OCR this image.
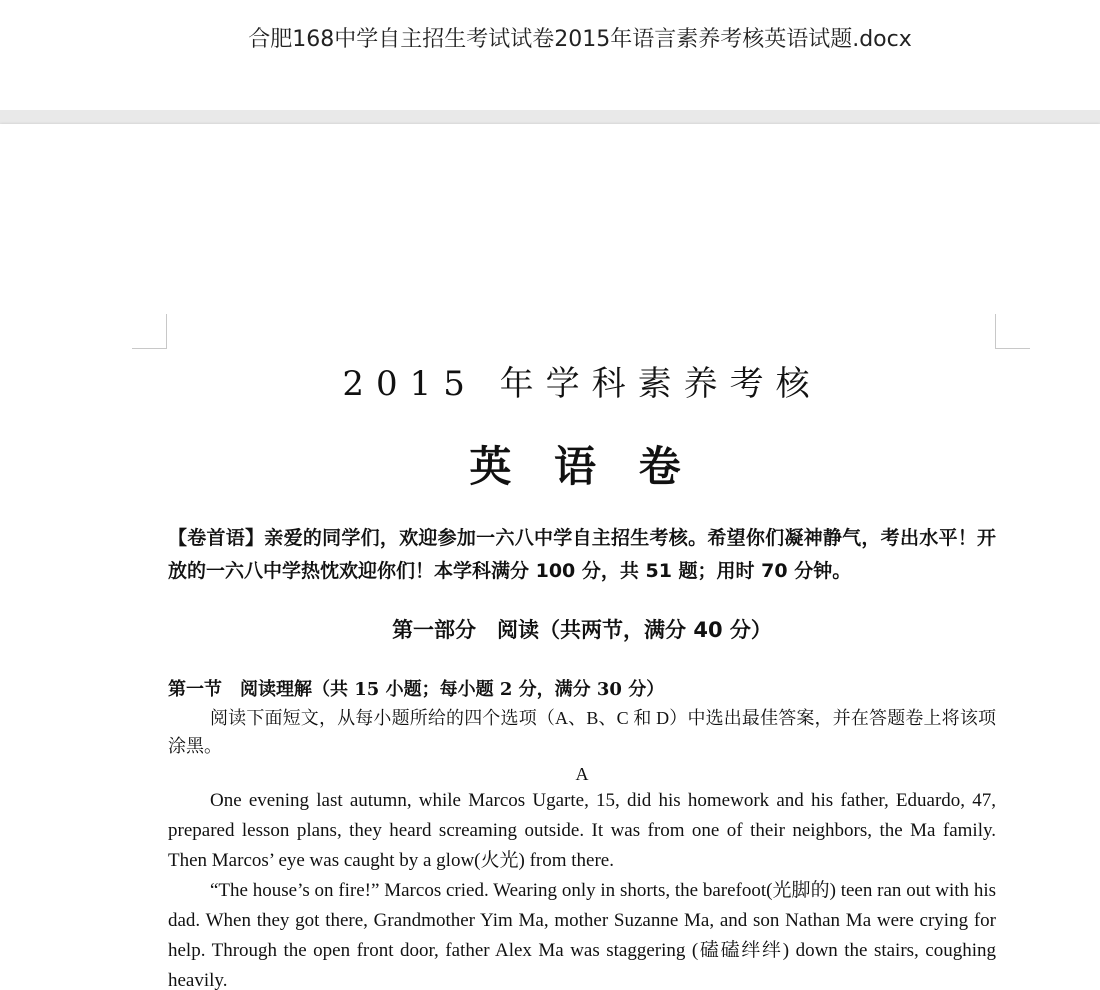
合肥168中学自主招生考试试卷2015年语言素养考核英语试题.docx
2015 年学科素养考核
英 语 卷
【卷首语】亲爱的同学们，欢迎参加一六八中学自主招生考核。希望你们凝神静气，考出水平！开放的一六八中学热忱欢迎你们！本学科满分 100 分，共 51 题；用时 70 分钟。
第一部分　阅读（共两节，满分 40 分）
第一节　阅读理解（共 15 小题；每小题 2 分，满分 30 分）
阅读下面短文，从每小题所给的四个选项（A、B、C 和 D）中选出最佳答案，并在答题卷上将该项涂黑。
A
One evening last autumn, while Marcos Ugarte, 15, did his homework and his father, Eduardo, 47, prepared lesson plans, they heard screaming outside. It was from one of their neighbors, the Ma family. Then Marcos’ eye was caught by a glow(火光) from there.
“The house’s on fire!” Marcos cried. Wearing only in shorts, the barefoot(光脚的) teen ran out with his dad. When they got there, Grandmother Yim Ma, mother Suzanne Ma, and son Nathan Ma were crying for help. Through the open front door, father Alex Ma was staggering (磕磕绊绊) down the stairs, coughing heavily.
